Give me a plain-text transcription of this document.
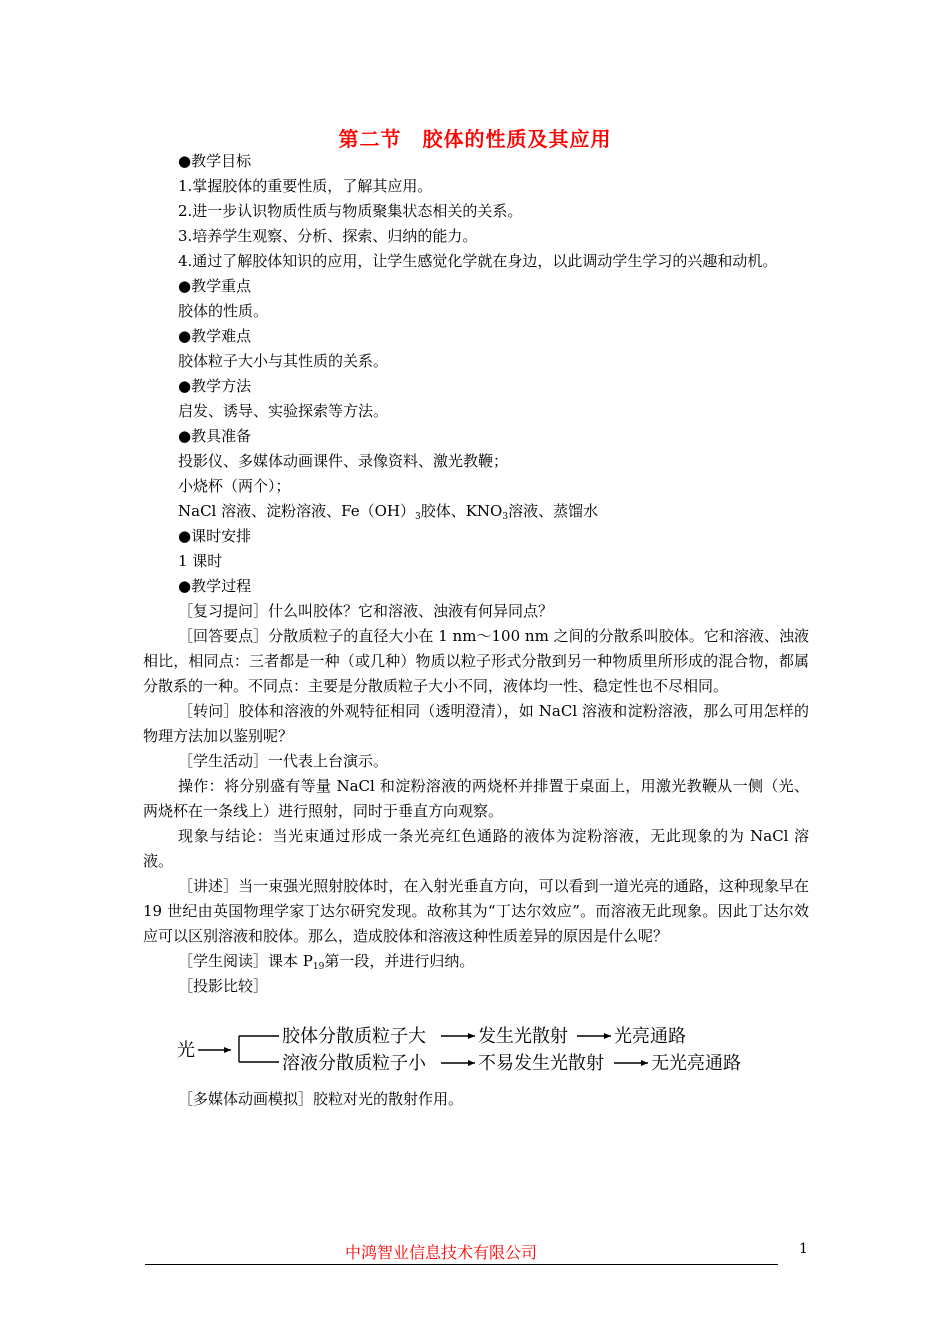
第二节　胶体的性质及其应用

●教学目标

1.掌握胶体的重要性质，了解其应用。

2.进一步认识物质性质与物质聚集状态相关的关系。

3.培养学生观察、分析、探索、归纳的能力。

4.通过了解胶体知识的应用，让学生感觉化学就在身边，以此调动学生学习的兴趣和动机。

●教学重点

胶体的性质。

●教学难点

胶体粒子大小与其性质的关系。

●教学方法

启发、诱导、实验探索等方法。

●教具准备

投影仪、多媒体动画课件、录像资料、激光教鞭；

小烧杯（两个）；

NaCl 溶液、淀粉溶液、$Fe(OH)_3$胶体、$KNO_3$溶液、蒸馏水

●课时安排

1 课时

●教学过程

［复习提问］什么叫胶体？它和溶液、浊液有何异同点？

［回答要点］分散质粒子的直径大小在 1 nm～100 nm 之间的分散系叫胶体。它和溶液、浊液相比，相同点：三者都是一种（或几种）物质以粒子形式分散到另一种物质里所形成的混合物，都属分散系的一种。不同点：主要是分散质粒子大小不同，液体均一性、稳定性也不尽相同。

［转问］胶体和溶液的外观特征相同（透明澄清），如 NaCl 溶液和淀粉溶液，那么可用怎样的物理方法加以鉴别呢？

［学生活动］一代表上台演示。

操作：将分别盛有等量 NaCl 和淀粉溶液的两烧杯并排置于桌面上，用激光教鞭从一侧（光、两烧杯在一条线上）进行照射，同时于垂直方向观察。

现象与结论：当光束通过形成一条光亮红色通路的液体为淀粉溶液，无此现象的为 NaCl 溶液。

［讲述］当一束强光照射胶体时，在入射光垂直方向，可以看到一道光亮的通路，这种现象早在 19 世纪由英国物理学家丁达尔研究发现。故称其为“丁达尔效应”。而溶液无此现象。因此丁达尔效应可以区别溶液和胶体。那么，造成胶体和溶液这种性质差异的原因是什么呢？

［学生阅读］课本 $P_{19}$第一段，并进行归纳。

［投影比较］

光
胶体分散质粒子大	发生光散射	光亮通路
溶液分散质粒子小	不易发生光散射	无光亮通路

［多媒体动画模拟］胶粒对光的散射作用。

中鸿智业信息技术有限公司	1
